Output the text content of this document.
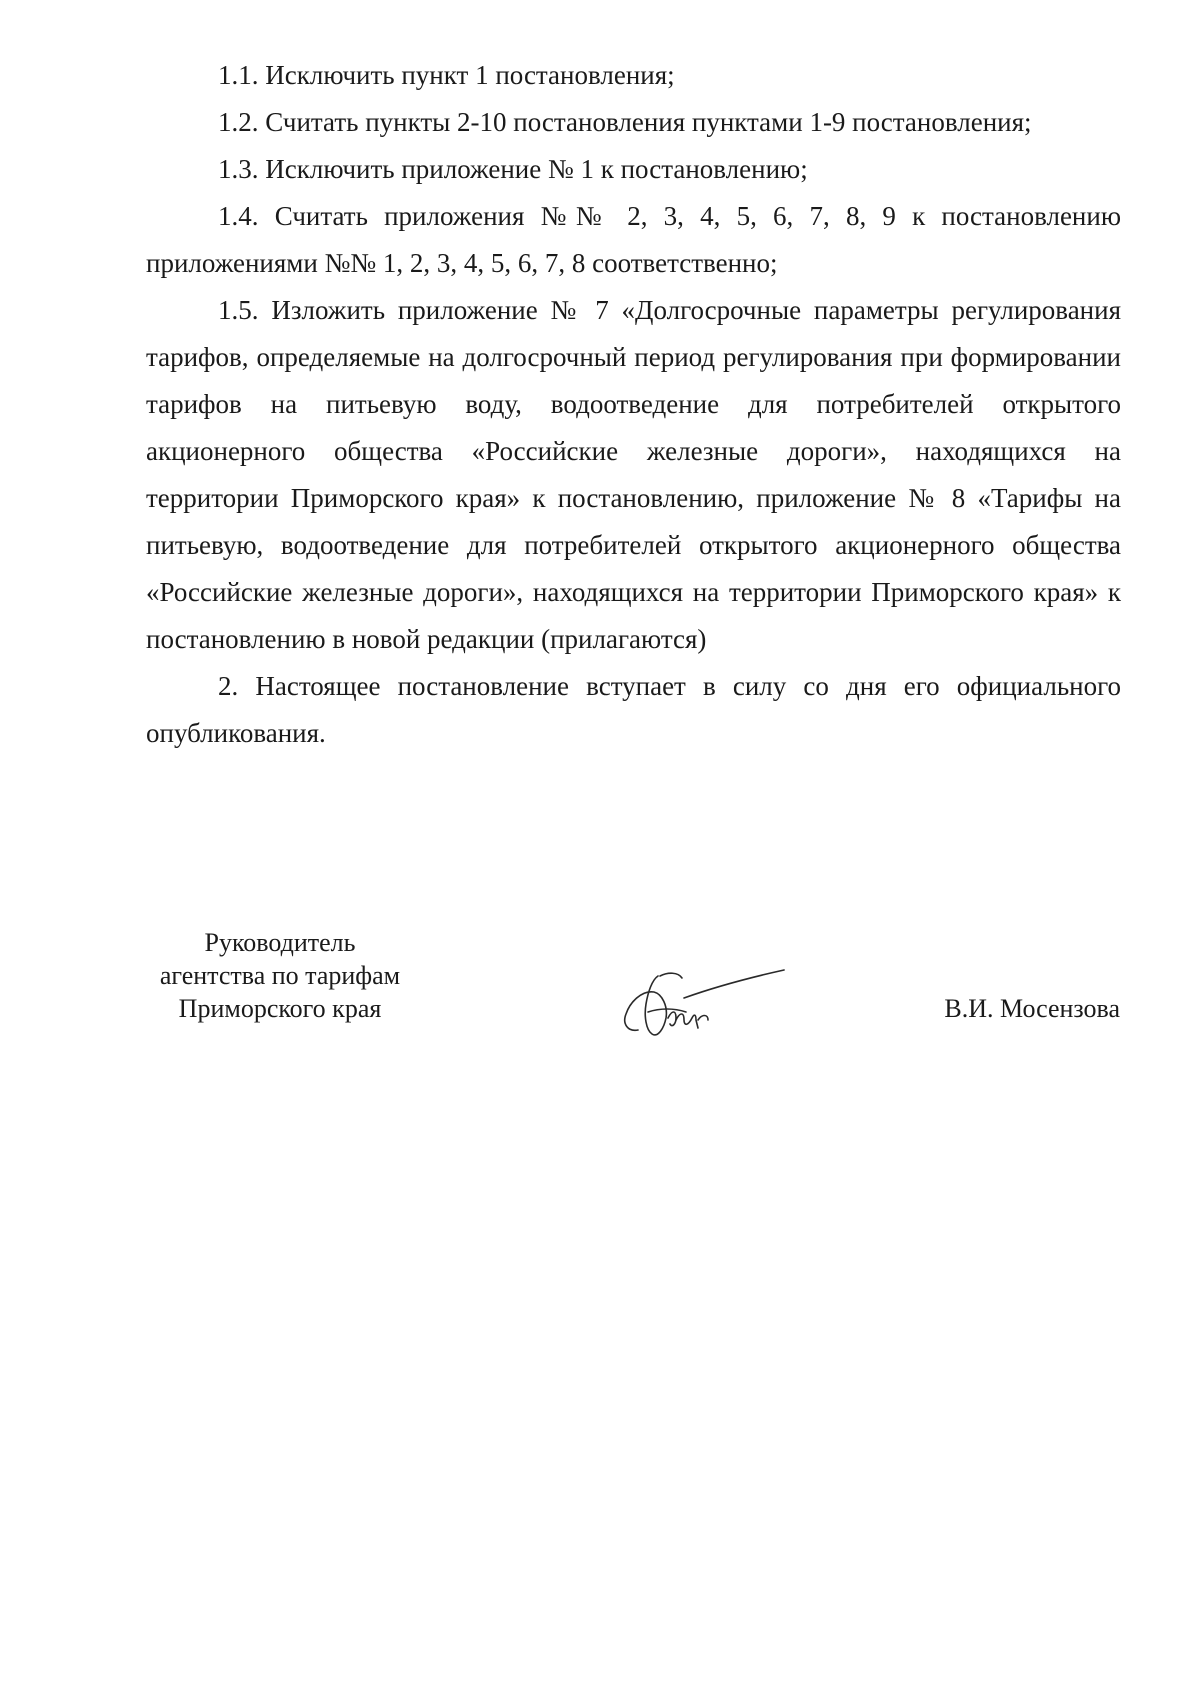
1.1. Исключить пункт 1 постановления;

1.2. Считать пункты 2-10 постановления пунктами 1-9 постановления;

1.3. Исключить приложение № 1 к постановлению;

1.4. Считать приложения №№ 2, 3, 4, 5, 6, 7, 8, 9 к постановлению приложениями №№ 1, 2, 3, 4, 5, 6, 7, 8 соответственно;

1.5. Изложить приложение № 7 «Долгосрочные параметры регулирования тарифов, определяемые на долгосрочный период регулирования при формировании тарифов на питьевую воду, водоотведение для потребителей открытого акционерного общества «Российские железные дороги», находящихся на территории Приморского края» к постановлению, приложение № 8 «Тарифы на питьевую, водоотведение для потребителей открытого акционерного общества «Российские железные дороги», находящихся на территории Приморского края» к постановлению в новой редакции (прилагаются)

2. Настоящее постановление вступает в силу со дня его официального опубликования.

Руководитель
агентства по тарифам
Приморского края	В.И. Мосензова
